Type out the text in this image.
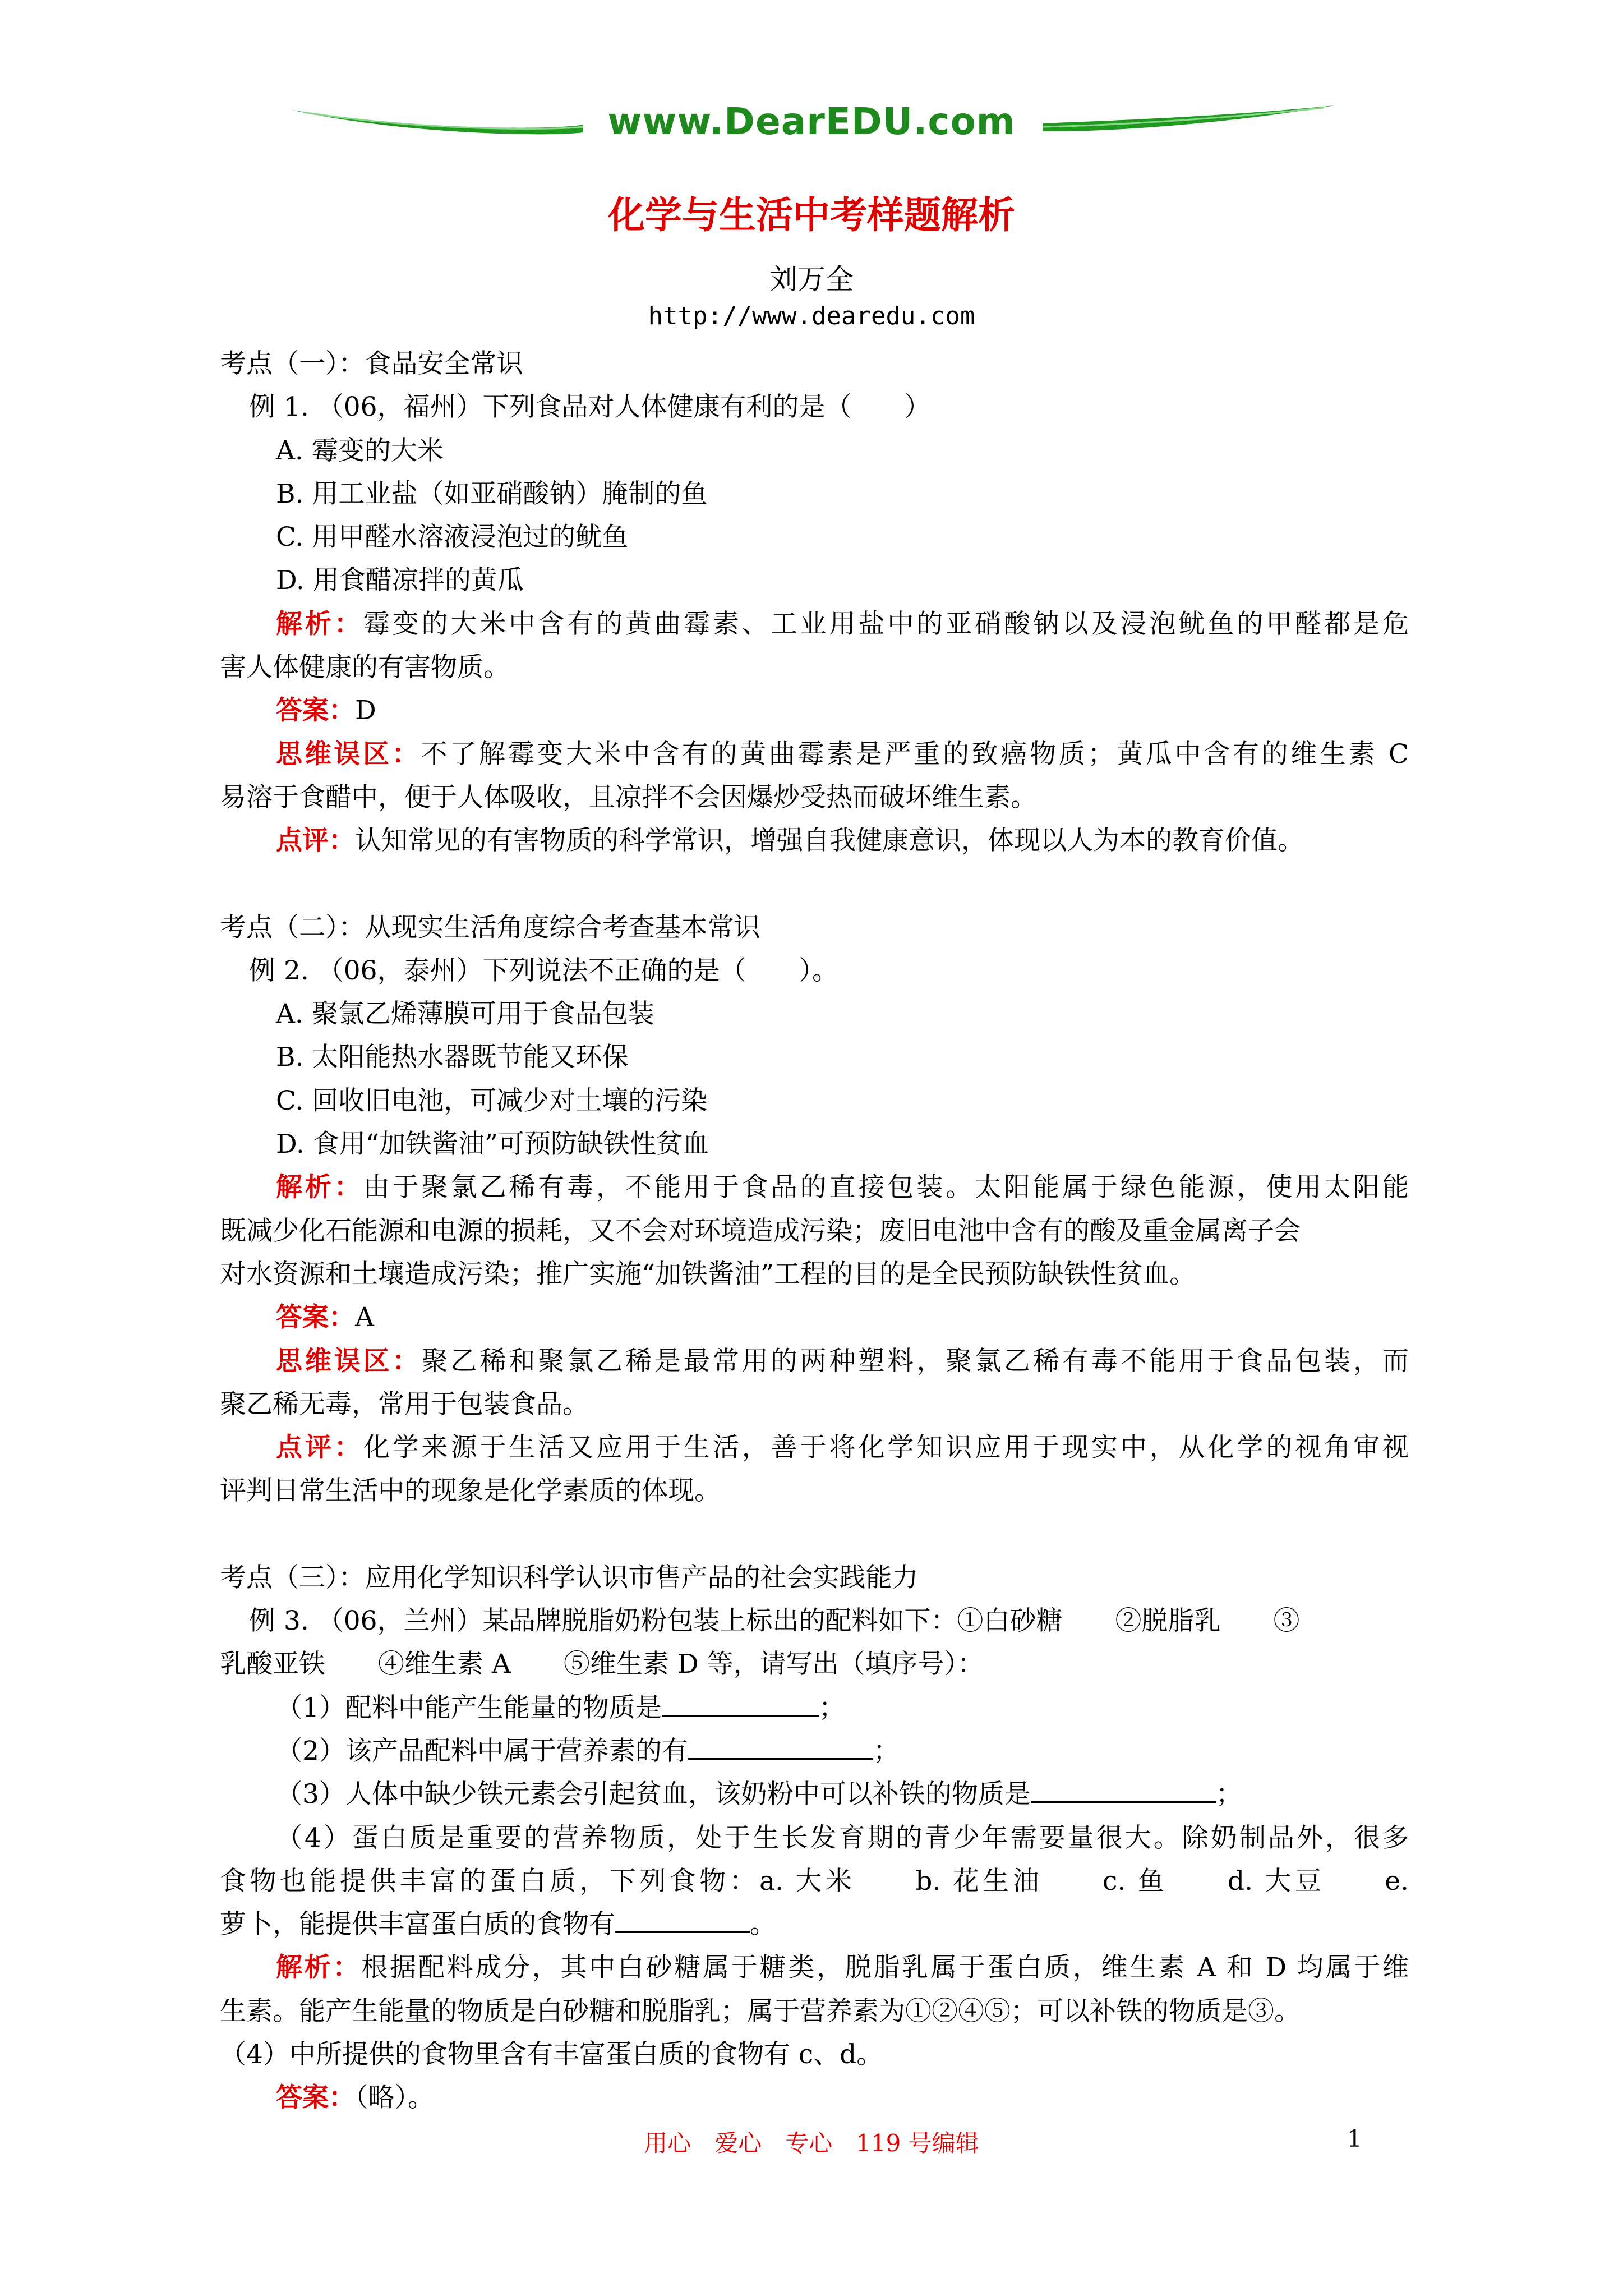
www.DearEDU.com
化学与生活中考样题解析
刘万全
http://www.dearedu.com
考点（一）：食品安全常识
例 1. （06，福州）下列食品对人体健康有利的是（　　）
A. 霉变的大米
B. 用工业盐（如亚硝酸钠）腌制的鱼
C. 用甲醛水溶液浸泡过的鱿鱼
D. 用食醋凉拌的黄瓜
解析：霉变的大米中含有的黄曲霉素、工业用盐中的亚硝酸钠以及浸泡鱿鱼的甲醛都是危
害人体健康的有害物质。
答案：D
思维误区：不了解霉变大米中含有的黄曲霉素是严重的致癌物质；黄瓜中含有的维生素 C
易溶于食醋中，便于人体吸收，且凉拌不会因爆炒受热而破坏维生素。
点评：认知常见的有害物质的科学常识，增强自我健康意识，体现以人为本的教育价值。
考点（二）：从现实生活角度综合考查基本常识
例 2. （06，泰州）下列说法不正确的是（　　）。
A. 聚氯乙烯薄膜可用于食品包装
B. 太阳能热水器既节能又环保
C. 回收旧电池，可减少对土壤的污染
D. 食用“加铁酱油”可预防缺铁性贫血
解析：由于聚氯乙稀有毒，不能用于食品的直接包装。太阳能属于绿色能源，使用太阳能
既减少化石能源和电源的损耗，又不会对环境造成污染；废旧电池中含有的酸及重金属离子会
对水资源和土壤造成污染；推广实施“加铁酱油”工程的目的是全民预防缺铁性贫血。
答案：A
思维误区：聚乙稀和聚氯乙稀是最常用的两种塑料，聚氯乙稀有毒不能用于食品包装，而
聚乙稀无毒，常用于包装食品。
点评：化学来源于生活又应用于生活，善于将化学知识应用于现实中，从化学的视角审视
评判日常生活中的现象是化学素质的体现。
考点（三）：应用化学知识科学认识市售产品的社会实践能力
例 3. （06，兰州）某品牌脱脂奶粉包装上标出的配料如下：①白砂糖　　②脱脂乳　　③
乳酸亚铁　　④维生素 A　　⑤维生素 D 等，请写出（填序号）：
（1）配料中能产生能量的物质是	；
（2）该产品配料中属于营养素的有	；
（3）人体中缺少铁元素会引起贫血，该奶粉中可以补铁的物质是	；
（4）蛋白质是重要的营养物质，处于生长发育期的青少年需要量很大。除奶制品外，很多
食物也能提供丰富的蛋白质，下列食物：a. 大米　　b. 花生油　　c. 鱼　　d. 大豆　　e.
萝卜，能提供丰富蛋白质的食物有	。
解析：根据配料成分，其中白砂糖属于糖类，脱脂乳属于蛋白质，维生素 A 和 D 均属于维
生素。能产生能量的物质是白砂糖和脱脂乳；属于营养素为①②④⑤；可以补铁的物质是③。
（4）中所提供的食物里含有丰富蛋白质的食物有 c、d。
答案：（略）。
用心　爱心　专心　119 号编辑	1
